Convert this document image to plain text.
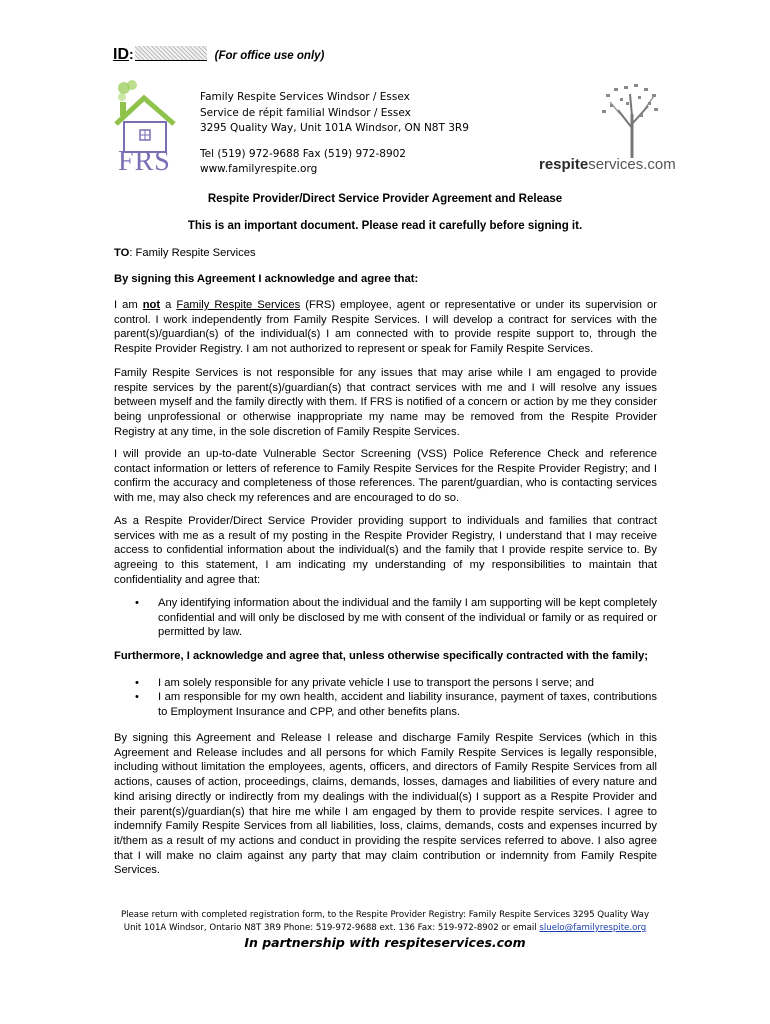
ID:	(For office use only)
FRS
Family Respite Services Windsor / Essex
Service de répit familial Windsor / Essex
3295 Quality Way, Unit 101A Windsor, ON N8T 3R9
Tel (519) 972-9688 Fax (519) 972-8902
www.familyrespite.org	respiteservices.com
Respite Provider/Direct Service Provider Agreement and Release
This is an important document. Please read it carefully before signing it.
TO: Family Respite Services
By signing this Agreement I acknowledge and agree that:
I am not a Family Respite Services (FRS) employee, agent or representative or under its supervision or control. I work independently from Family Respite Services. I will develop a contract for services with the parent(s)/guardian(s) of the individual(s) I am connected with to provide respite support to, through the Respite Provider Registry. I am not authorized to represent or speak for Family Respite Services.
Family Respite Services is not responsible for any issues that may arise while I am engaged to provide respite services by the parent(s)/guardian(s) that contract services with me and I will resolve any issues between myself and the family directly with them. If FRS is notified of a concern or action by me they consider being unprofessional or otherwise inappropriate my name may be removed from the Respite Provider Registry at any time, in the sole discretion of Family Respite Services.
I will provide an up-to-date Vulnerable Sector Screening (VSS) Police Reference Check and reference contact information or letters of reference to Family Respite Services for the Respite Provider Registry; and I confirm the accuracy and completeness of those references. The parent/guardian, who is contacting services with me, may also check my references and are encouraged to do so.
As a Respite Provider/Direct Service Provider providing support to individuals and families that contract services with me as a result of my posting in the Respite Provider Registry, I understand that I may receive access to confidential information about the individual(s) and the family that I provide respite service to. By agreeing to this statement, I am indicating my understanding of my responsibilities to maintain that confidentiality and agree that:
• Any identifying information about the individual and the family I am supporting will be kept completely confidential and will only be disclosed by me with consent of the individual or family or as required or permitted by law.
Furthermore, I acknowledge and agree that, unless otherwise specifically contracted with the family;
• I am solely responsible for any private vehicle I use to transport the persons I serve; and
• I am responsible for my own health, accident and liability insurance, payment of taxes, contributions to Employment Insurance and CPP, and other benefits plans.
By signing this Agreement and Release I release and discharge Family Respite Services (which in this Agreement and Release includes and all persons for which Family Respite Services is legally responsible, including without limitation the employees, agents, officers, and directors of Family Respite Services from all actions, causes of action, proceedings, claims, demands, losses, damages and liabilities of every nature and kind arising directly or indirectly from my dealings with the individual(s) I support as a Respite Provider and their parent(s)/guardian(s) that hire me while I am engaged by them to provide respite services. I agree to indemnify Family Respite Services from all liabilities, loss, claims, demands, costs and expenses incurred by it/them as a result of my actions and conduct in providing the respite services referred to above. I also agree that I will make no claim against any party that may claim contribution or indemnity from Family Respite Services.
Please return with completed registration form, to the Respite Provider Registry: Family Respite Services 3295 Quality Way
Unit 101A Windsor, Ontario N8T 3R9 Phone: 519-972-9688 ext. 136 Fax: 519-972-8902 or email sluelo@familyrespite.org
In partnership with respiteservices.com
